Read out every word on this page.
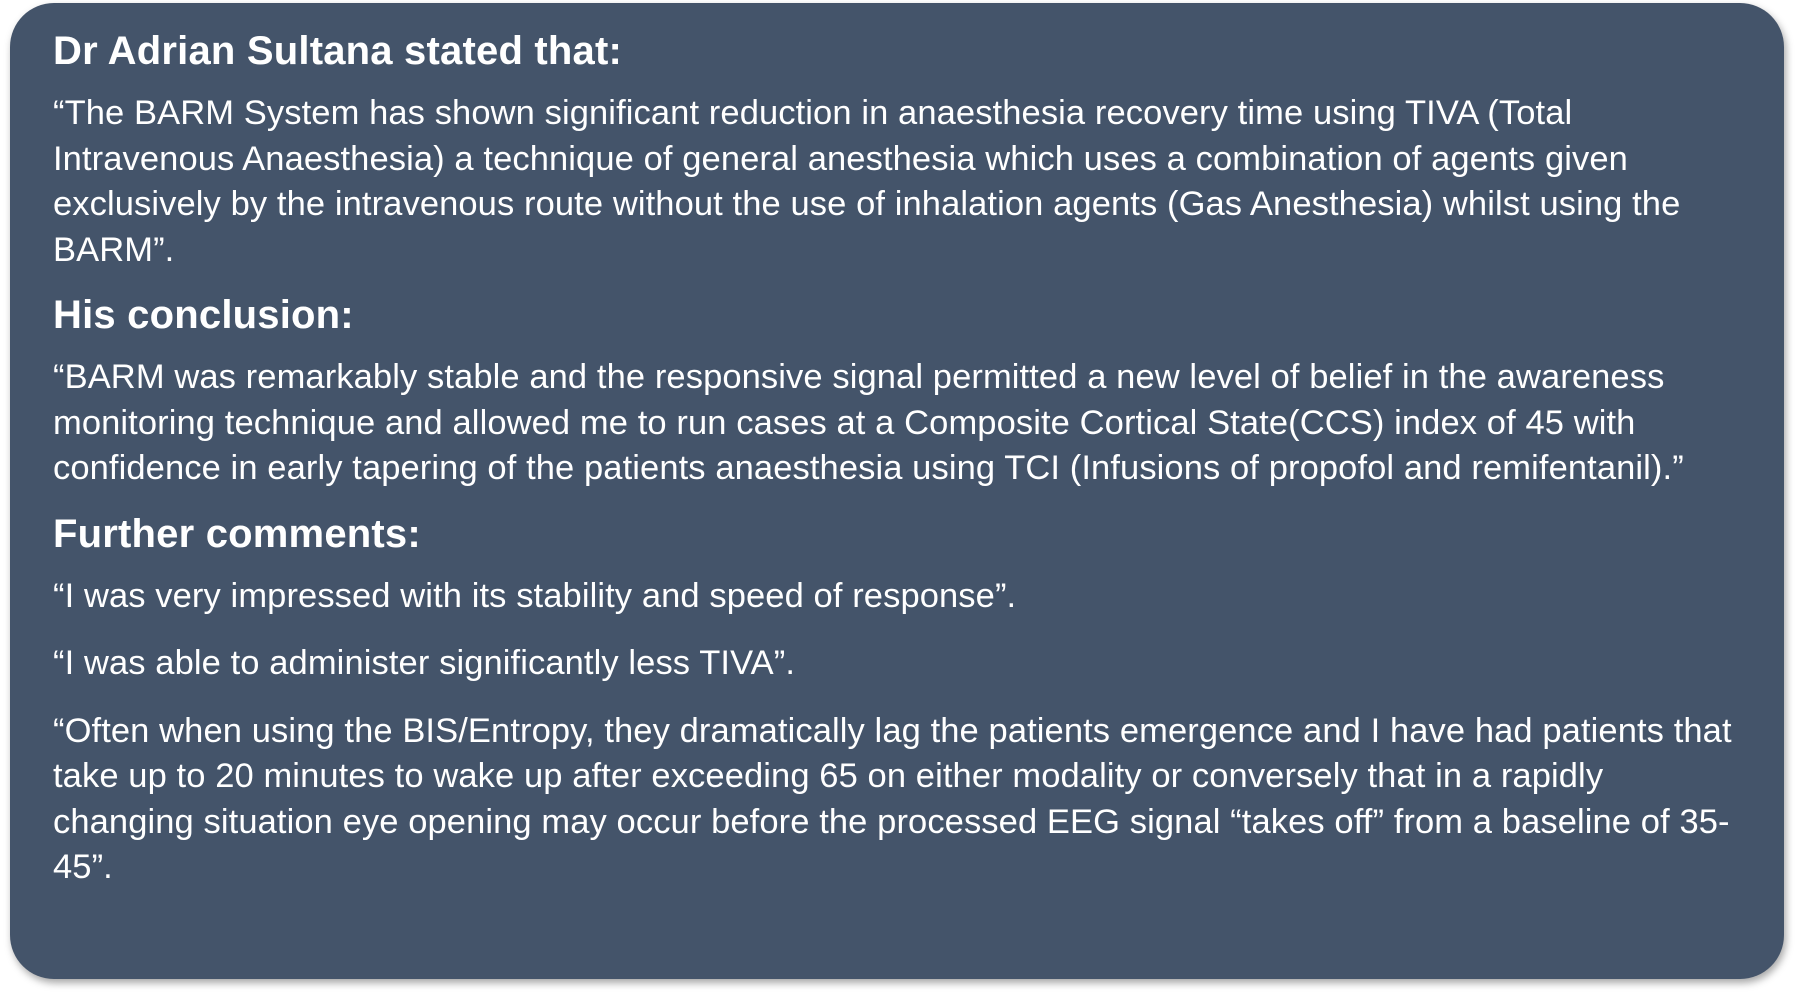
Dr Adrian Sultana stated that:
“The BARM System has shown significant reduction in anaesthesia recovery time using TIVA (Total Intravenous Anaesthesia) a technique of general anesthesia which uses a combination of agents given exclusively by the intravenous route without the use of inhalation agents (Gas Anesthesia) whilst using the BARM”.
His conclusion:
“BARM was remarkably stable and the responsive signal permitted a new level of belief in the awareness monitoring technique and allowed me to run cases at a Composite Cortical State(CCS) index of 45 with confidence in early tapering of the patients anaesthesia using TCI (Infusions of propofol and remifentanil).”
Further comments:
“I was very impressed with its stability and speed of response”.
“I was able to administer significantly less TIVA”.
“Often when using the BIS/Entropy, they dramatically lag the patients emergence and I have had patients that take up to 20 minutes to wake up after exceeding 65 on either modality or conversely that in a rapidly changing situation eye opening may occur before the processed EEG signal “takes off” from a baseline of 35-45”.
